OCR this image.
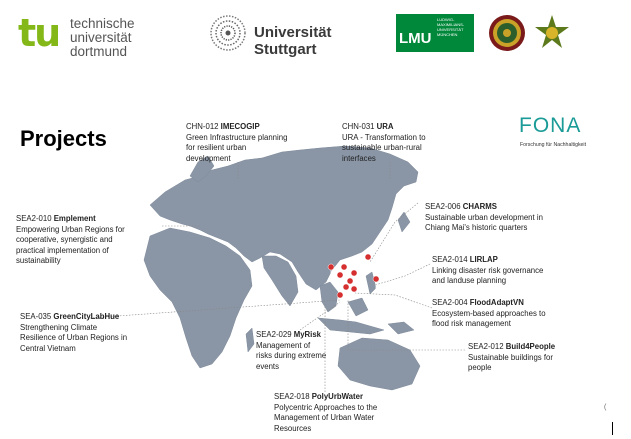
tu technische universität
dortmund
Universität Stuttgart
LMU
LUDWIG-MAXIMILIANS-UNIVERSITÄT MÜNCHEN
Projects
FONA
Forschung für Nachhaltigkeit
CHN-012 IMECOGIP
Green Infrastructure planning
for resilient urban
development
CHN-031 URA
URA - Transformation to
sustainable urban-rural
interfaces
SEA2-006 CHARMS
Sustainable urban development in
Chiang Mai's historic quarters
SEA2-010 Emplement
Empowering Urban Regions for
cooperative, synergistic and
practical implementation of
sustainability	SEA2-014 LIRLAP
Linking disaster risk governance
and landuse planning
SEA2-004 FloodAdaptVN
Ecosystem-based approaches to
flood risk management
SEA-035 GreenCityLabHue
Strengthening Climate
Resilience of Urban Regions in
Central Vietnam
SEA2-029 MyRisk
Management of
risks during extreme
events
SEA2-012 Build4People
Sustainable buildings for
people
SEA2-018 PolyUrbWater
Polycentric Approaches to the
Management of Urban Water
Resources
(
